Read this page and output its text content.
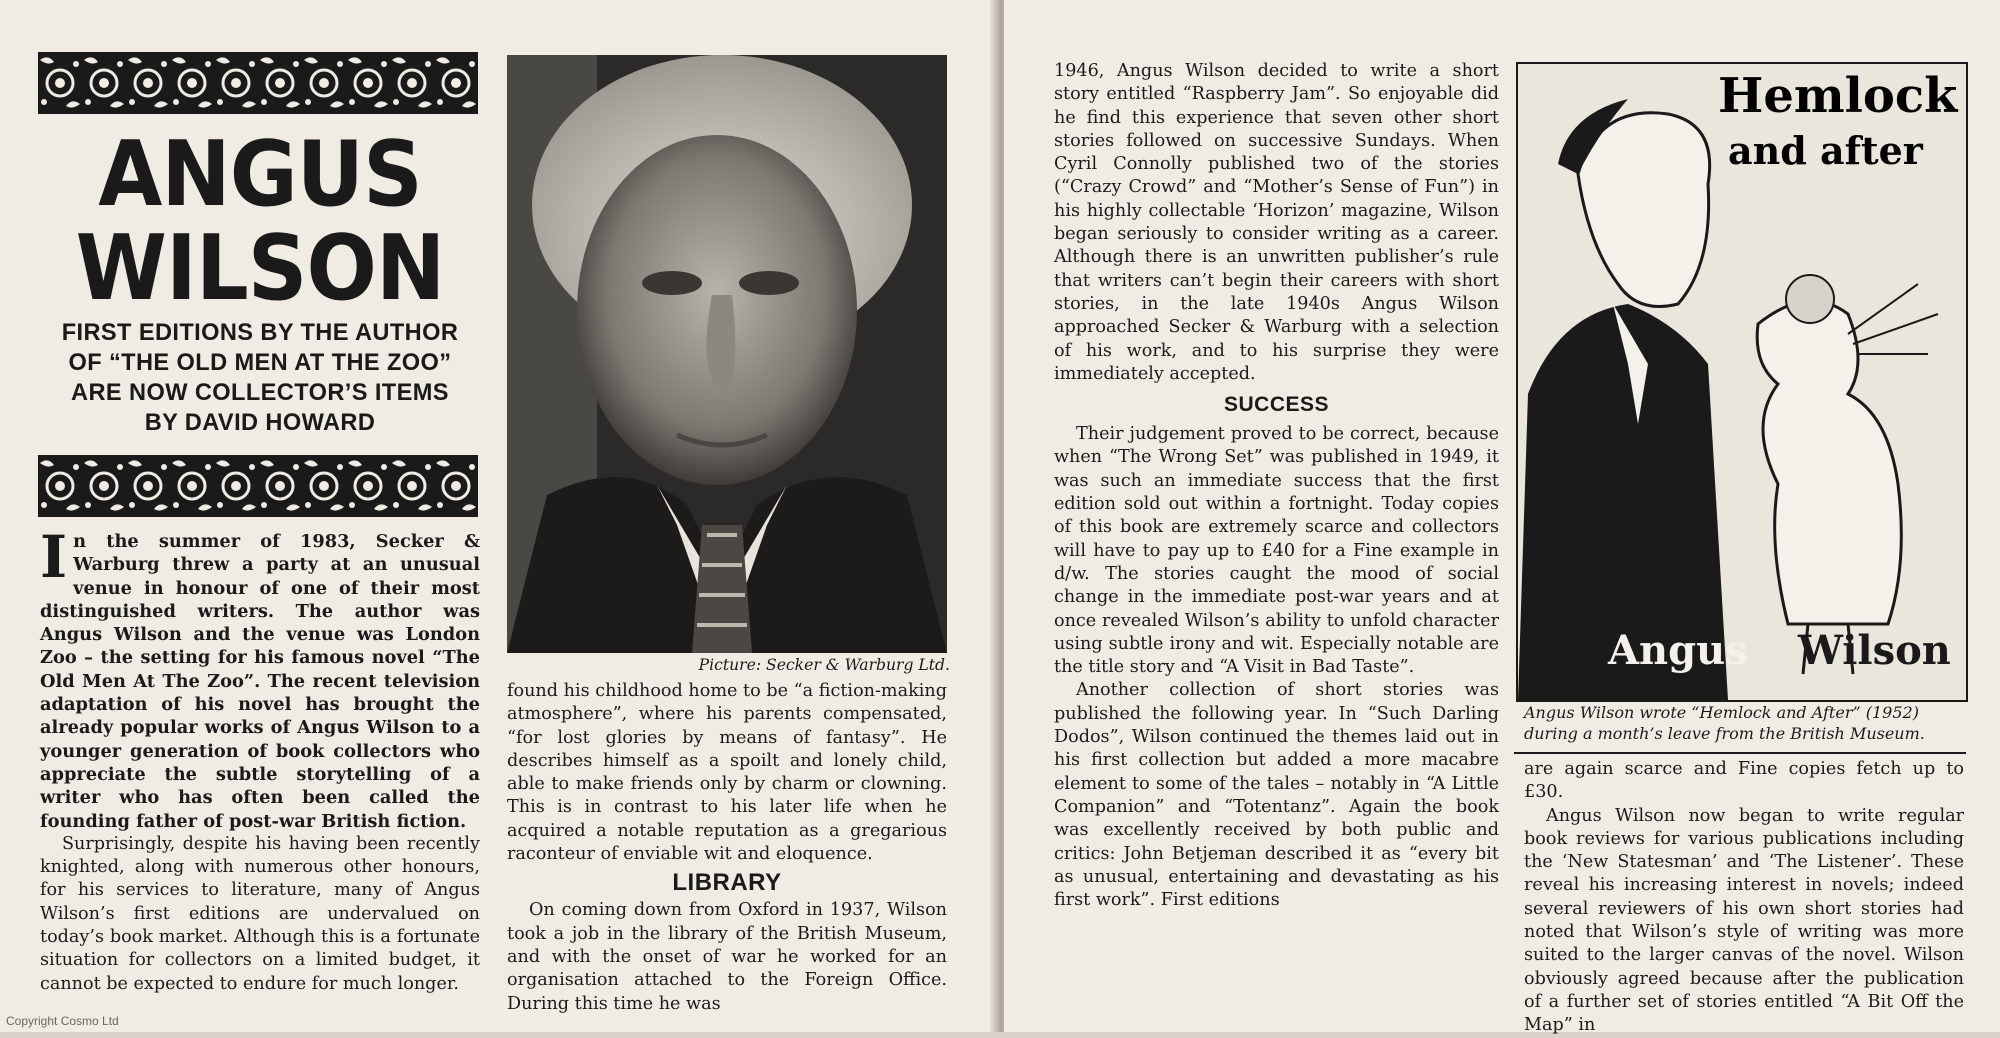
ANGUS
WILSON
FIRST EDITIONS BY THE AUTHOR
OF “THE OLD MEN AT THE ZOO”
ARE NOW COLLECTOR’S ITEMS
BY DAVID HOWARD

In the summer of 1983, Secker & Warburg threw a party at an unusual venue in honour of one of their most distinguished writers. The author was Angus Wilson and the venue was London Zoo – the setting for his famous novel “The Old Men At The Zoo”. The recent television adaptation of his novel has brought the already popular works of Angus Wilson to a younger generation of book collectors who appreciate the subtle storytelling of a writer who has often been called the founding father of post-war British fiction.

Surprisingly, despite his having been recently knighted, along with numerous other honours, for his services to literature, many of Angus Wilson’s first editions are undervalued on today’s book market. Although this is a fortunate situation for collectors on a limited budget, it cannot be expected to endure for much longer.

Picture: Secker & Warburg Ltd.

found his childhood home to be “a fiction-making atmosphere”, where his parents compensated, “for lost glories by means of fantasy”. He describes himself as a spoilt and lonely child, able to make friends only by charm or clowning. This is in contrast to his later life when he acquired a notable reputation as a gregarious raconteur of enviable wit and eloquence.

LIBRARY

On coming down from Oxford in 1937, Wilson took a job in the library of the British Museum, and with the onset of war he worked for an organisation attached to the Foreign Office. During this time he was

Copyright Cosmo Ltd

1946, Angus Wilson decided to write a short story entitled “Raspberry Jam”. So enjoyable did he find this experience that seven other short stories followed on successive Sundays. When Cyril Connolly published two of the stories (“Crazy Crowd” and “Mother’s Sense of Fun”) in his highly collectable ‘Horizon’ magazine, Wilson began seriously to consider writing as a career. Although there is an unwritten publisher’s rule that writers can’t begin their careers with short stories, in the late 1940s Angus Wilson approached Secker & Warburg with a selection of his work, and to his surprise they were immediately accepted.

SUCCESS

Their judgement proved to be correct, because when “The Wrong Set” was published in 1949, it was such an immediate success that the first edition sold out within a fortnight. Today copies of this book are extremely scarce and collectors will have to pay up to £40 for a Fine example in d/w. The stories caught the mood of social change in the immediate post-war years and at once revealed Wilson’s ability to unfold character using subtle irony and wit. Especially notable are the title story and “A Visit in Bad Taste”.

Another collection of short stories was published the following year. In “Such Darling Dodos”, Wilson continued the themes laid out in his first collection but added a more macabre element to some of the tales – notably in “A Little Companion” and “Totentanz”. Again the book was excellently received by both public and critics: John Betjeman described it as “every bit as unusual, entertaining and devastating as his first work”. First editions

Hemlock
and after
Angus Wilson
Angus Wilson wrote “Hemlock and After” (1952) during a month’s leave from the British Museum.

are again scarce and Fine copies fetch up to £30.

Angus Wilson now began to write regular book reviews for various publications including the ‘New Statesman’ and ‘The Listener’. These reveal his increasing interest in novels; indeed several reviewers of his own short stories had noted that Wilson’s style of writing was more suited to the larger canvas of the novel. Wilson obviously agreed because after the publication of a further set of stories entitled “A Bit Off the Map” in
